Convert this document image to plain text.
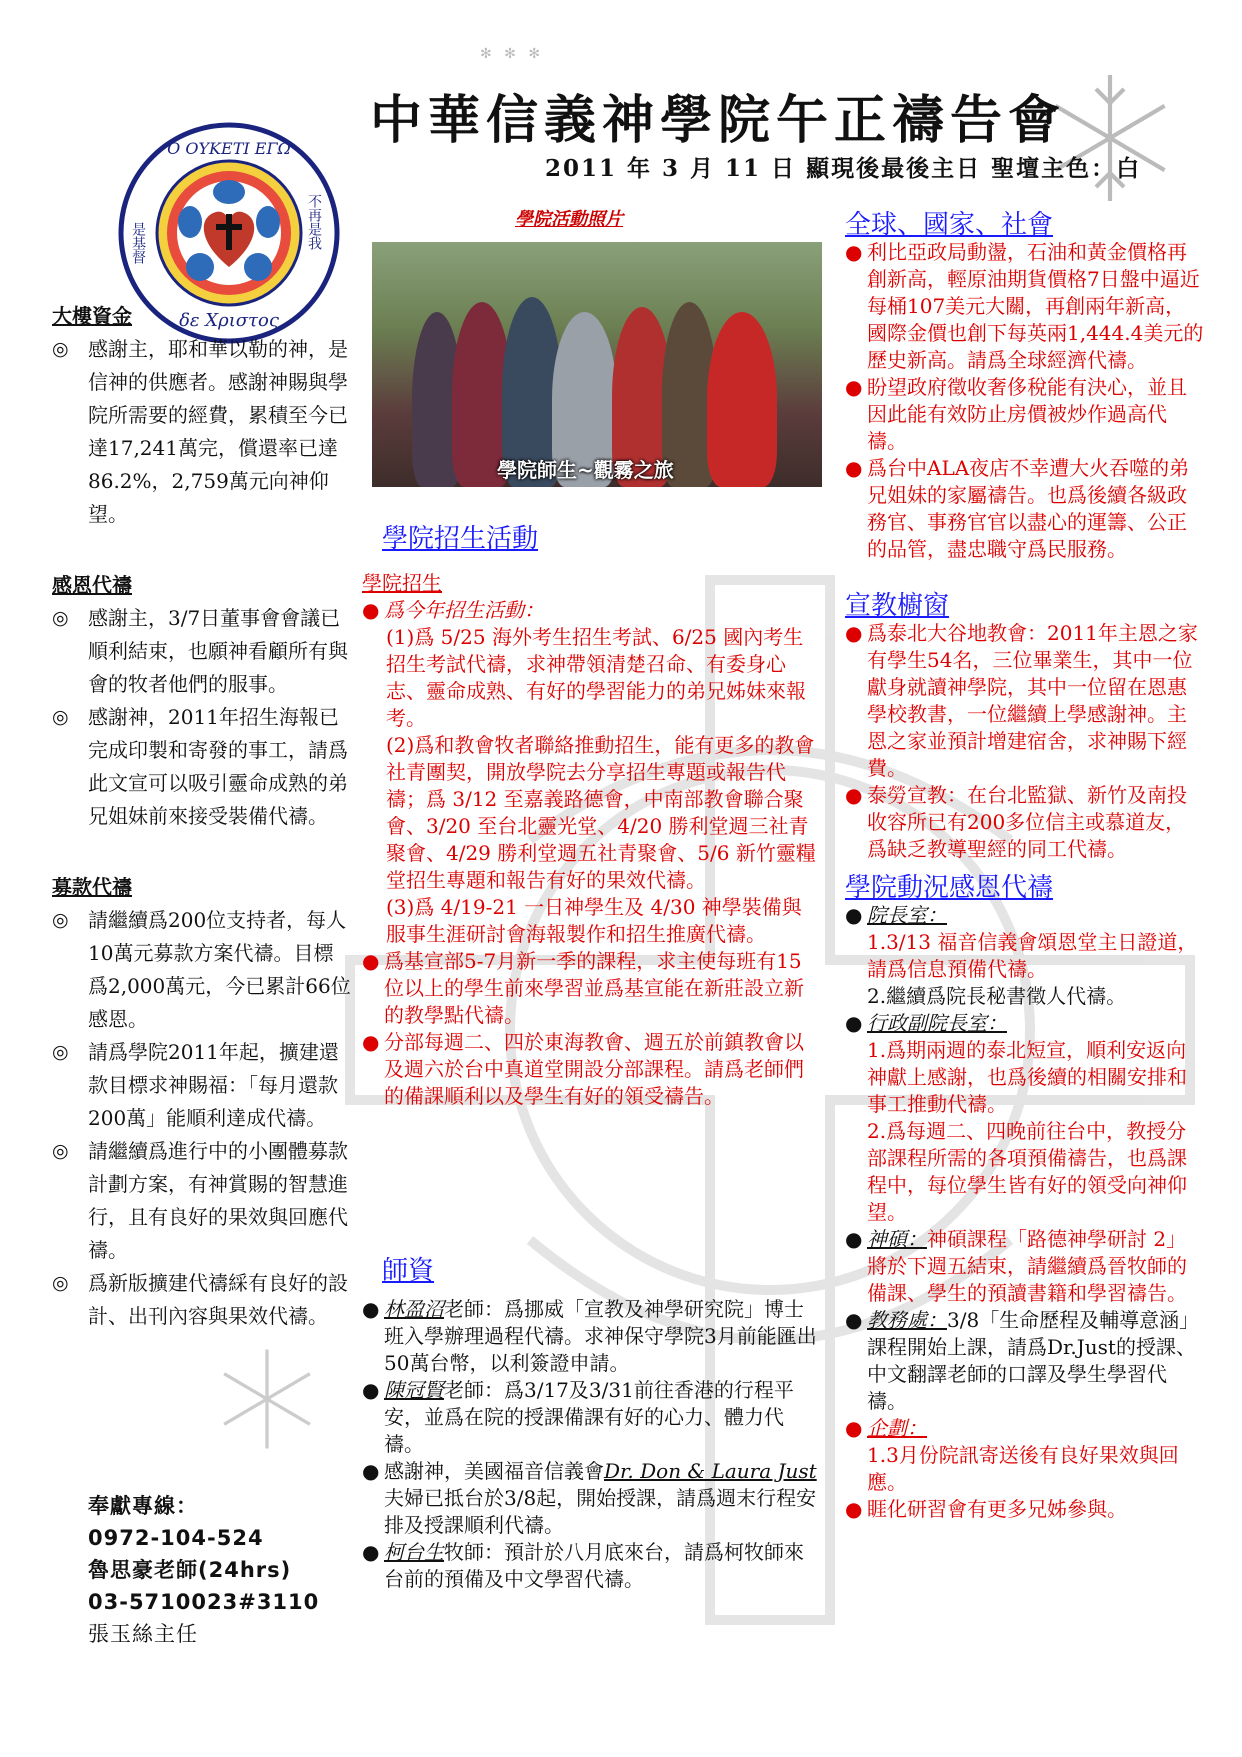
✻ ✻ ✻
中華信義神學院午正禱告會
2011 年 3 月 11 日 顯現後最後主日 聖壇主色：白
Ο ΟΥΚΕΤΙ ΕΓΩ
δε Χριστος
是基督	不再是我
大樓資金
◎ 感謝主，耶和華以勒的神，是信神的供應者。感謝神賜與學院所需要的經費，累積至今已達17,241萬完，償還率已達86.2%，2,759萬元向神仰望。
感恩代禱
◎ 感謝主，3/7日董事會會議已順利結束，也願神看顧所有與會的牧者他們的服事。
◎ 感謝神，2011年招生海報已完成印製和寄發的事工，請爲此文宣可以吸引靈命成熟的弟兄姐妹前來接受裝備代禱。
募款代禱
◎ 請繼續爲200位支持者，每人10萬元募款方案代禱。目標爲2,000萬元，今已累計66位感恩。
◎ 請爲學院2011年起，擴建還款目標求神賜福：「每月還款200萬」能順利達成代禱。
◎ 請繼續爲進行中的小團體募款計劃方案，有神賞賜的智慧進行，且有良好的果效與回應代禱。
◎ 爲新版擴建代禱綵有良好的設計、出刊內容與果效代禱。
奉獻專線：
0972-104-524
魯思豪老師(24hrs)
03-5710023#3110
張玉絲主任
學院活動照片
學院師生~觀霧之旅
學院招生活動
學院招生
● 爲今年招生活動：
(1)爲 5/25 海外考生招生考試、6/25 國內考生招生考試代禱，求神帶領清楚召命、有委身心志、靈命成熟、有好的學習能力的弟兄姊妹來報考。
(2)爲和教會牧者聯絡推動招生，能有更多的教會社青團契，開放學院去分享招生專題或報告代禱；爲 3/12 至嘉義路德會，中南部教會聯合聚會、3/20 至台北靈光堂、4/20 勝利堂週三社青聚會、4/29 勝利堂週五社青聚會、5/6 新竹靈糧堂招生專題和報告有好的果效代禱。
(3)爲 4/19-21 一日神學生及 4/30 神學裝備與服事生涯研討會海報製作和招生推廣代禱。
● 爲基宣部5-7月新一季的課程，求主使每班有15位以上的學生前來學習並爲基宣能在新莊設立新的教學點代禱。
● 分部每週二、四於東海教會、週五於前鎮教會以及週六於台中真道堂開設分部課程。請爲老師們的備課順利以及學生有好的領受禱告。
師資
● 林盈沼老師：爲挪威「宣教及神學研究院」博士班入學辦理過程代禱。求神保守學院3月前能匯出50萬台幣，以利簽證申請。
● 陳冠賢老師：爲3/17及3/31前往香港的行程平安，並爲在院的授課備課有好的心力、體力代禱。
● 感謝神，美國福音信義會Dr. Don & Laura Just夫婦已抵台於3/8起，開始授課，請爲週末行程安排及授課順利代禱。
● 柯台生牧師：預計於八月底來台，請爲柯牧師來台前的預備及中文學習代禱。
全球、國家、社會
● 利比亞政局動盪，石油和黃金價格再創新高，輕原油期貨價格7日盤中逼近每桶107美元大關，再創兩年新高，國際金價也創下每英兩1,444.4美元的歷史新高。請爲全球經濟代禱。
● 盼望政府徵收奢侈稅能有決心，並且因此能有效防止房價被炒作過高代禱。
● 爲台中ALA夜店不幸遭大火吞噬的弟兄姐妹的家屬禱告。也爲後續各級政務官、事務官官以盡心的運籌、公正的品管，盡忠職守爲民服務。
宣教櫥窗
● 爲泰北大谷地教會：2011年主恩之家有學生54名，三位畢業生，其中一位獻身就讀神學院，其中一位留在恩惠學校教書，一位繼續上學感謝神。主恩之家並預計增建宿舍，求神賜下經費。
● 泰勞宣教：在台北監獄、新竹及南投收容所已有200多位信主或慕道友，爲缺乏教導聖經的同工代禱。
學院動況感恩代禱
● 院長室：
1.3/13 福音信義會頌恩堂主日證道，請爲信息預備代禱。
2.繼續爲院長秘書徵人代禱。
● 行政副院長室：
1.爲期兩週的泰北短宣，順利安返向神獻上感謝，也爲後續的相關安排和事工推動代禱。
2.爲每週二、四晚前往台中，教授分部課程所需的各項預備禱告，也爲課程中，每位學生皆有好的領受向神仰望。
● 神碩：神碩課程「路德神學研討 2」將於下週五結束，請繼續爲晉牧師的備課、學生的預讀書籍和學習禱告。
● 教務處：3/8「生命歷程及輔導意涵」課程開始上課，請爲Dr.Just的授課、中文翻譯老師的口譯及學生學習代禱。
● 企劃：
1.3月份院訊寄送後有良好果效與回應。
● 睚化研習會有更多兄姊參與。
